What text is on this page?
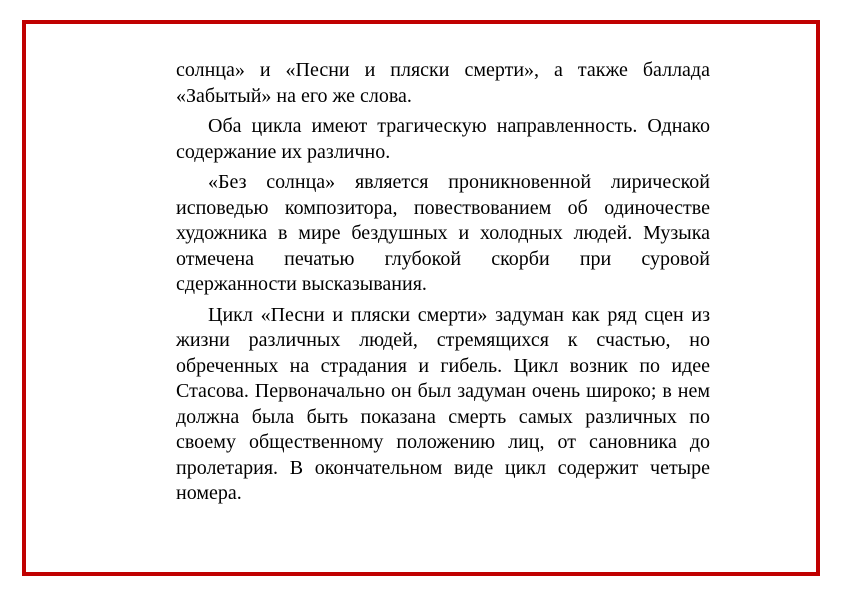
солнца» и «Песни и пляски смерти», а также баллада «Забытый» на его же слова.

Оба цикла имеют трагическую направленность. Однако содержание их различно.

«Без солнца» является проникновенной лирической исповедью композитора, повествованием об одиночестве художника в мире бездушных и холодных людей. Музыка отмечена печатью глубокой скорби при суровой сдержанности высказывания.

Цикл «Песни и пляски смерти» задуман как ряд сцен из жизни различных людей, стремящихся к счастью, но обреченных на страдания и гибель. Цикл возник по идее Стасова. Первоначально он был задуман очень широко; в нем должна была быть показана смерть самых различных по своему общественному положению лиц, от сановника до пролетария. В окончательном виде цикл содержит четыре номера.
